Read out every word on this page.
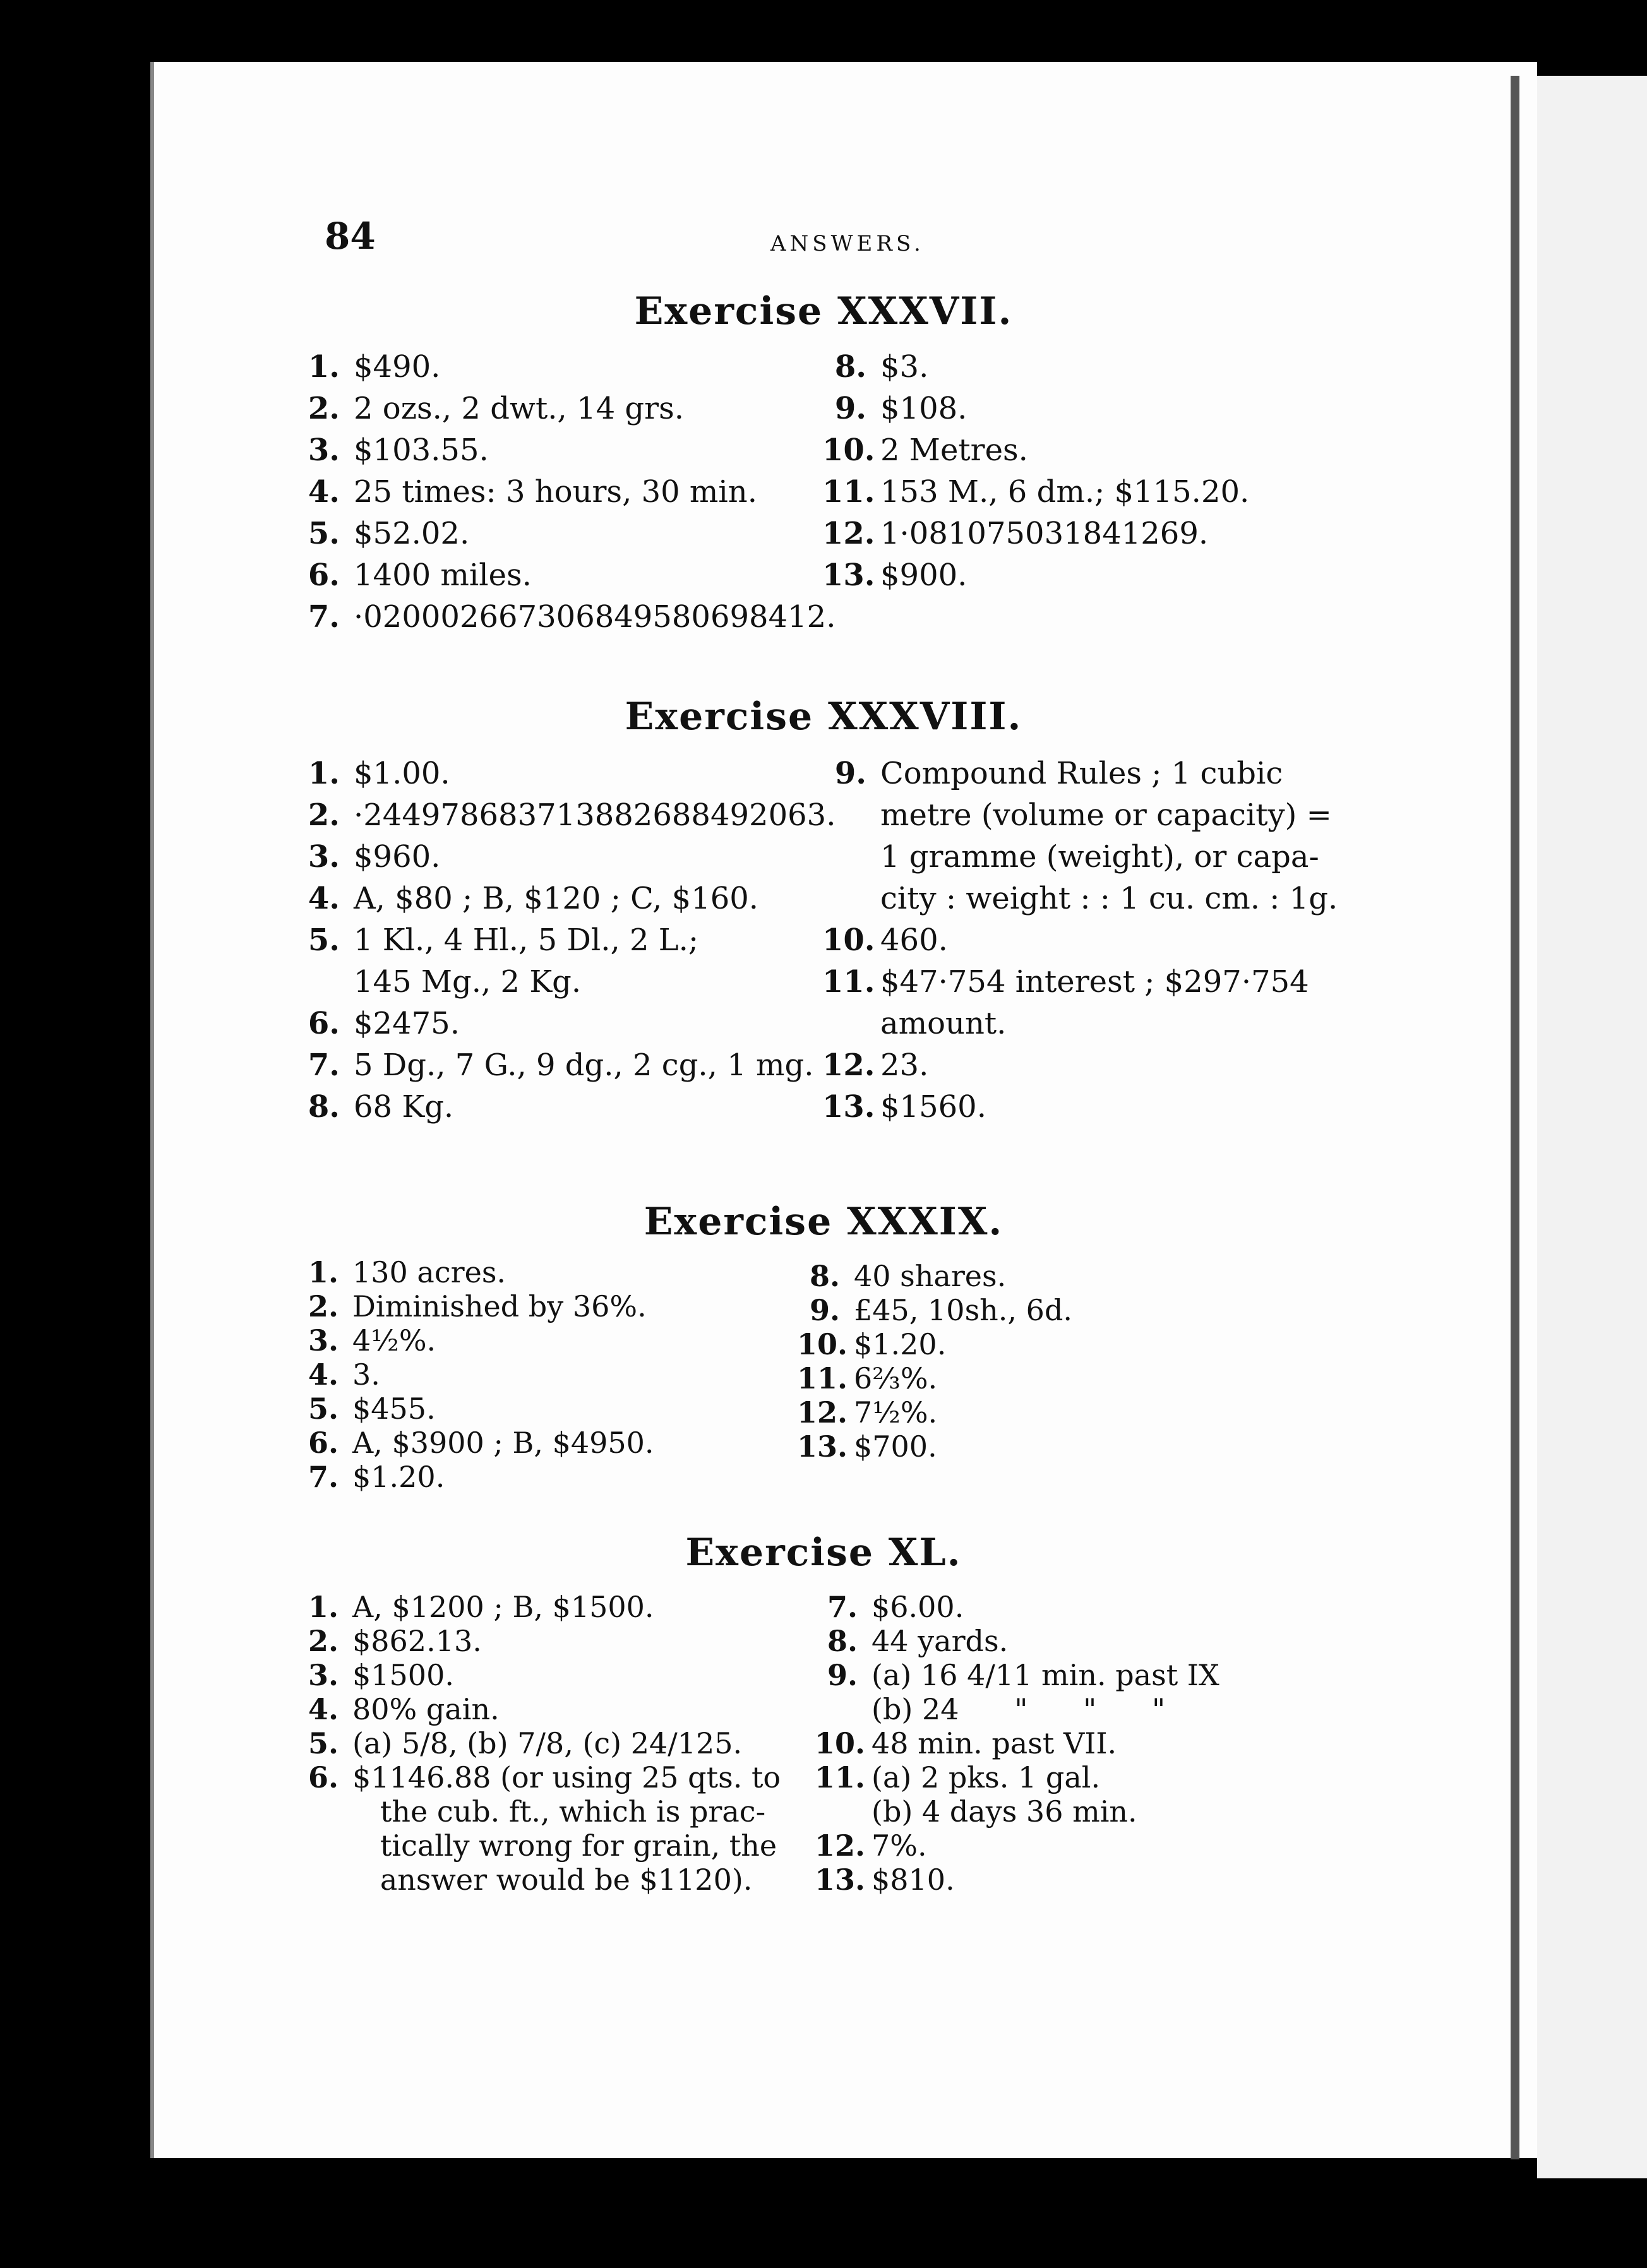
84	ANSWERS.
Exercise XXXVII.
1. $490.
2. 2 ozs., 2 dwt., 14 grs.
3. $103.55.
4. 25 times: 3 hours, 30 min.
5. $52.02.
6. 1400 miles.
7. ·020002667306849580698412.
8. $3.
9. $108.
10. 2 Metres.
11. 153 M., 6 dm.; $115.20.
12. 1·081075031841269.
13. $900.
Exercise XXXVIII.
1. $1.00.
2. ·244978683713882688492063.
3. $960.
4. A, $80 ; B, $120 ; C, $160.
5. 1 Kl., 4 Hl., 5 Dl., 2 L.;
145 Mg., 2 Kg.
6. $2475.
7. 5 Dg., 7 G., 9 dg., 2 cg., 1 mg.
8. 68 Kg.
9. Compound Rules ; 1 cubic
metre (volume or capacity) =
1 gramme (weight), or capa-
city : weight : : 1 cu. cm. : 1g.
10. 460.
11. $47·754 interest ; $297·754
amount.
12. 23.
13. $1560.
Exercise XXXIX.
1. 130 acres.
2. Diminished by 36%.
3. 4½%.
4. 3.
5. $455.
6. A, $3900 ; B, $4950.
7. $1.20.
8. 40 shares.
9. £45, 10sh., 6d.
10. $1.20.
11. 6⅔%.
12. 7½%.
13. $700.
Exercise XL.
1. A, $1200 ; B, $1500.
2. $862.13.
3. $1500.
4. 80% gain.
5. (a) 5/8, (b) 7/8, (c) 24/125.
6. $1146.88 (or using 25 qts. to
the cub. ft., which is prac-
tically wrong for grain, the
answer would be $1120).
7. $6.00.
8. 44 yards.
9. (a) 16 4/11 min. past IX
(b) 24      "      "      "
10. 48 min. past VII.
11. (a) 2 pks. 1 gal.
(b) 4 days 36 min.
12. 7%.
13. $810.
